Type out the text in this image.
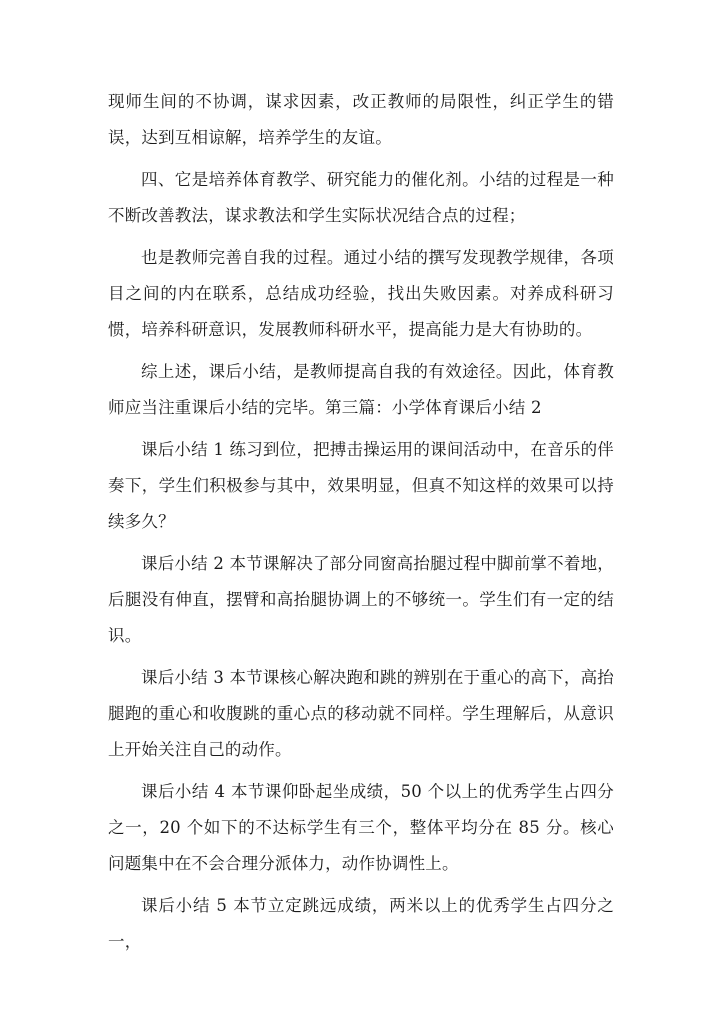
现师生间的不协调，谋求因素，改正教师的局限性，纠正学生的错误，达到互相谅解，培养学生的友谊。

四、它是培养体育教学、研究能力的催化剂。小结的过程是一种不断改善教法，谋求教法和学生实际状况结合点的过程；

也是教师完善自我的过程。通过小结的撰写发现教学规律，各项目之间的内在联系，总结成功经验，找出失败因素。对养成科研习惯，培养科研意识，发展教师科研水平，提高能力是大有协助的。

综上述，课后小结，是教师提高自我的有效途径。因此，体育教师应当注重课后小结的完毕。第三篇：小学体育课后小结 2

课后小结 1 练习到位，把搏击操运用的课间活动中，在音乐的伴奏下，学生们积极参与其中，效果明显，但真不知这样的效果可以持续多久？

课后小结 2 本节课解决了部分同窗高抬腿过程中脚前掌不着地，后腿没有伸直，摆臂和高抬腿协调上的不够统一。学生们有一定的结识。

课后小结 3 本节课核心解决跑和跳的辨别在于重心的高下，高抬腿跑的重心和收腹跳的重心点的移动就不同样。学生理解后，从意识上开始关注自己的动作。

课后小结 4 本节课仰卧起坐成绩，50 个以上的优秀学生占四分之一，20 个如下的不达标学生有三个，整体平均分在 85 分。核心问题集中在不会合理分派体力，动作协调性上。

课后小结 5 本节立定跳远成绩，两米以上的优秀学生占四分之一，
